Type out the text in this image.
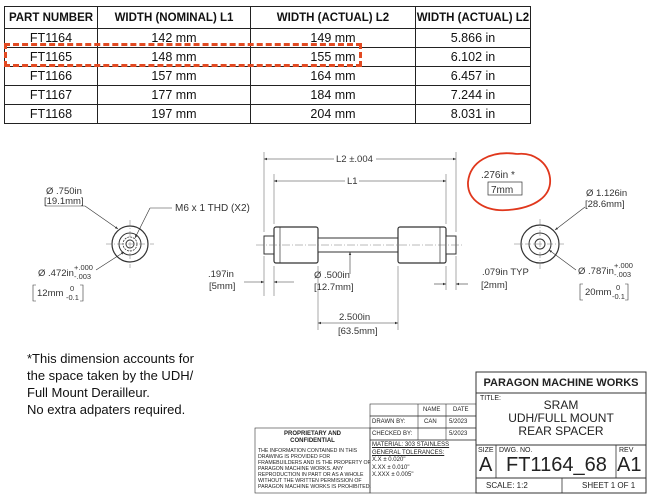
PART NUMBER	WIDTH (NOMINAL) L1	WIDTH (ACTUAL) L2	WIDTH (ACTUAL) L2
FT1164	142 mm	149 mm	5.866 in
FT1165	148 mm	155 mm	6.102 in
FT1166	157 mm	164 mm	6.457 in
FT1167	177 mm	184 mm	7.244 in
FT1168	197 mm	204 mm	8.031 in
Ø .750in
[19.1mm]
M6 x 1 THD (X2)
Ø .472in
+.000
-.003
12mm 0
-0.1
L2 ±.004
L1
.197in
[5mm]
Ø .500in
[12.7mm]
.079in TYP
[2mm]
2.500in
[63.5mm]
.276in *
7mm	Ø 1.126in
[28.6mm]
Ø .787in
+.000
-.003
20mm 0
-0.1
*This dimension accounts for
the space taken by the UDH/
Full Mount Derailleur.
No extra adpaters required.
PARAGON MACHINE WORKS
TITLE:	SRAM
UDH/FULL MOUNT
REAR SPACER
SIZE
A
DWG. NO.
FT1164_68
REV
A1
SCALE: 1:2	SHEET 1 OF 1
NAME DATE
DRAWN BY:	CAN 5/2023
CHECKED BY:	5/2023
MATERIAL: 303 STAINLESS
GENERAL TOLERANCES:
X.X ± 0.020"
X.XX ± 0.010"
X.XXX ± 0.005"
PROPRIETARY AND
CONFIDENTIAL
THE INFORMATION CONTAINED IN THIS
DRAWING IS PROVIDED FOR
FRAMEBUILDERS AND IS THE PROPERTY OF
PARAGON MACHINE WORKS. ANY
REPRODUCTION IN PART OR AS A WHOLE
WITHOUT THE WRITTEN PERMISSION OF
PARAGON MACHINE WORKS IS PROHIBITED.
